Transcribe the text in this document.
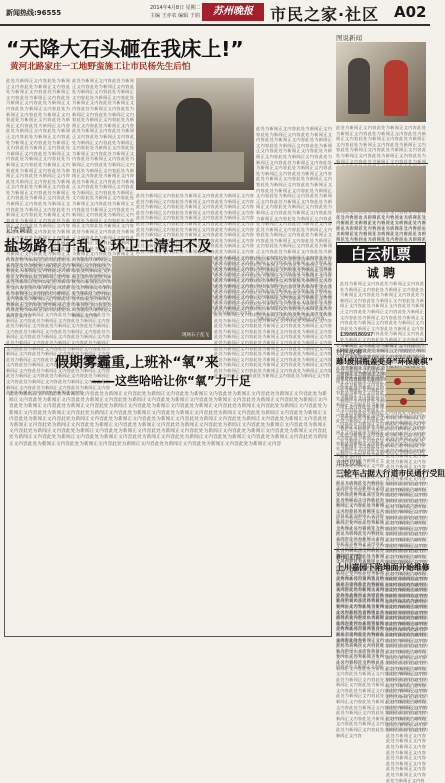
新闻热线:96555
2014年4月8日 星期二
主编 王亦农 编辑 于润	苏州晚报	市民之家·社区 A02
“天降大石头砸在我床上!”
黄河北路家庄一工地野蛮施工让市民杨先生后怕
此处为新闻正文内容此处为新闻正文内容此处为新闻正文内容此处为新闻正文内容此处为新闻正文内容此处为新闻正文内容此处为新闻正文内容此处为新闻正文内容此处为新闻正文内容此处为新闻正文内容此处为新闻正文内容此处为新闻正文内容此处为新闻正文内容此处为新闻正文内容此处为新闻正文内容此处为新闻正文内容此处为新闻正文内容此处为新闻正文内容此处为新闻正文内容此处为新闻正文内容此处为新闻正文内容此处为新闻正文内容此处为新闻正文内容此处为新闻正文内容此处为新闻正文内容此处为新闻正文内容此处为新闻正文内容此处为新闻正文内容此处为新闻正文内容此处为新闻正文内容此处为新闻正文内容此处为新闻正文内容此处为新闻正文内容此处为新闻正文内容此处为新闻正文内容此处为新闻正文内容此处为新闻正文内容此处为新闻正文内容此处为新闻正文内容此处为新闻正文内容此处为新闻正文内容此处为新闻正文内容此处为新闻正文内容此处为新闻正文内容此处为新闻正文内容此处为新闻正文内容此处为新闻正文内容此处为新闻正文内容此处为新闻正文内容此处为新闻正文内容此处为新闻正文内容此处为新闻正文内容此处为新闻正文内容此处为新闻正文内容此处为新闻正文内容此处为新闻正文内容此处为新闻正文内容此处为新闻正文内容此处为新闻正文内容此处为新闻正文内容此处为新闻正文内容此处为新闻正文内容此处为新闻正文内容此处为新闻正文内容此处为新闻正文内容此处为新闻正文内容
此处为新闻正文内容此处为新闻正文内容此处为新闻正文内容此处为新闻正文内容此处为新闻正文内容此处为新闻正文内容此处为新闻正文内容此处为新闻正文内容此处为新闻正文内容此处为新闻正文内容此处为新闻正文内容此处为新闻正文内容此处为新闻正文内容此处为新闻正文内容此处为新闻正文内容此处为新闻正文内容此处为新闻正文内容此处为新闻正文内容此处为新闻正文内容此处为新闻正文内容此处为新闻正文内容此处为新闻正文内容此处为新闻正文内容此处为新闻正文内容此处为新闻正文内容此处为新闻正文内容此处为新闻正文内容此处为新闻正文内容此处为新闻正文内容此处为新闻正文内容此处为新闻正文内容此处为新闻正文内容此处为新闻正文内容此处为新闻正文内容此处为新闻正文内容此处为新闻正文内容此处为新闻正文内容此处为新闻正文内容此处为新闻正文内容此处为新闻正文内容此处为新闻正文内容此处为新闻正文内容此处为新闻正文内容此处为新闻正文内容此处为新闻正文内容此处为新闻正文内容此处为新闻正文内容此处为新闻正文内容此处为新闻正文内容此处为新闻正文内容此处为新闻正文内容此处为新闻正文内容此处为新闻正文内容此处为新闻正文内容此处为新闻正文内容此处为新闻正文内容此处为新闻正文内容此处为新闻正文内容此处为新闻正文内容此处为新闻正文内容此处为新闻正文内容此处为新闻正文内容此处为新闻正文内容此处为新闻正文内容此处为新闻正文内容此处为新闻正文内容
此处为新闻正文内容此处为新闻正文内容此处为新闻正文内容此处为新闻正文内容此处为新闻正文内容此处为新闻正文内容此处为新闻正文内容此处为新闻正文内容此处为新闻正文内容此处为新闻正文内容此处为新闻正文内容此处为新闻正文内容此处为新闻正文内容此处为新闻正文内容此处为新闻正文内容此处为新闻正文内容此处为新闻正文内容此处为新闻正文内容此处为新闻正文内容此处为新闻正文内容此处为新闻正文内容此处为新闻正文内容此处为新闻正文内容此处为新闻正文内容此处为新闻正文内容此处为新闻正文内容此处为新闻正文内容此处为新闻正文内容此处为新闻正文内容此处为新闻正文内容此处为新闻正文内容此处为新闻正文内容此处为新闻正文内容此处为新闻正文内容此处为新闻正文内容此处为新闻正文内容此处为新闻正文内容此处为新闻正文内容此处为新闻正文内容此处为新闻正文内容此处为新闻正文内容此处为新闻正文内容此处为新闻正文内容此处为新闻正文内容此处为新闻正文内容此处为新闻正文内容此处为新闻正文内容此处为新闻正文内容此处为新闻正文内容此处为新闻正文内容此处为新闻正文内容此处为新闻正文内容此处为新闻正文内容此处为新闻正文内容此处为新闻正文内容此处为新闻正文内容此处为新闻正文内容此处为新闻正文内容此处为新闻正文内容此处为新闻正文内容此处为新闻正文内容此处为新闻正文内容此处为新闻正文内容此处为新闻正文内容此处为新闻正文内容此处为新闻正文内容
此处为新闻正文内容此处为新闻正文内容此处为新闻正文内容此处为新闻正文内容此处为新闻正文内容此处为新闻正文内容此处为新闻正文内容此处为新闻正文内容此处为新闻正文内容此处为新闻正文内容此处为新闻正文内容此处为新闻正文内容此处为新闻正文内容此处为新闻正文内容此处为新闻正文内容此处为新闻正文内容此处为新闻正文内容此处为新闻正文内容此处为新闻正文内容此处为新闻正文内容此处为新闻正文内容此处为新闻正文内容此处为新闻正文内容此处为新闻正文内容此处为新闻正文内容此处为新闻正文内容此处为新闻正文内容此处为新闻正文内容此处为新闻正文内容此处为新闻正文内容此处为新闻正文内容此处为新闻正文内容此处为新闻正文内容此处为新闻正文内容此处为新闻正文内容此处为新闻正文内容此处为新闻正文内容此处为新闻正文内容此处为新闻正文内容此处为新闻正文内容此处为新闻正文内容此处为新闻正文内容此处为新闻正文内容此处为新闻正文内容此处为新闻正文内容此处为新闻正文内容此处为新闻正文内容此处为新闻正文内容此处为新闻正文内容此处为新闻正文内容此处为新闻正文内容此处为新闻正文内容此处为新闻正文内容此处为新闻正文内容此处为新闻正文内容此处为新闻正文内容此处为新闻正文内容此处为新闻正文内容此处为新闻正文内容此处为新闻正文内容此处为新闻正文内容此处为新闻正文内容此处为新闻正文内容此处为新闻正文内容此处为新闻正文内容此处为新闻正文内容
图说新闻
此处为新闻正文内容此处为新闻正文内容此处为新闻正文内容此处为新闻正文内容此处为新闻正文内容此处为新闻正文内容此处为新闻正文内容此处为新闻正文内容此处为新闻正文内容此处为新闻正文内容此处为新闻正文内容此处为新闻正文内容此处为新闻正文内容此处为新闻正文内容此处为新闻正文内容此处为新闻正文内容此处为新闻正文内容此处为新闻正文内容此处为新闻正文内容此处为新闻正文内容此处为新闻正文内容此处为新闻正文内容此处为新闻正文内容此处为新闻正文内容此处为新闻正文内容此处为新闻正文内容此处为新闻正文内容此处为新闻正文内容此处为新闻正文内容此处为新闻正文内容此处为新闻正文内容此处为新闻正文内容此处为新闻正文内容此处为新闻正文内容此处为新闻正文内容此处为新闻正文内容此处为新闻正文内容此处为新闻正文内容此处为新闻正文内容此处为新闻正文内容此处为新闻正文内容此处为新闻正文内容此处为新闻正文内容此处为新闻正文内容此处为新闻正文内容此处为新闻正文内容此处为新闻正文内容此处为新闻正文内容此处为新闻正文内容此处为新闻正文内容此处为新闻正文内容此处为新闻正文内容此处为新闻正文内容此处为新闻正文内容此处为新闻正文内容此处为新闻正文内容此处为新闻正文内容此处为新闻正文内容此处为新闻正文内容此处为新闻正文内容此处为新闻正文内容此处为新闻正文内容此处为新闻正文内容此处为新闻正文内容此处为新闻正文内容此处为新闻正文内容
此处为新闻正文内容此处为新闻正文内容此处为新闻正文内容此处为新闻正文内容此处为新闻正文内容此处为新闻正文内容此处为新闻正文内容此处为新闻正文内容此处为新闻正文内容此处为新闻正文内容此处为新闻正文内容此处为新闻正文内容此处为新闻正文内容此处为新闻正文内容此处为新闻正文内容此处为新闻正文内容此处为新闻正文内容此处为新闻正文内容此处为新闻正文内容此处为新闻正文内容此处为新闻正文内容此处为新闻正文内容此处为新闻正文内容此处为新闻正文内容此处为新闻正文内容此处为新闻正文内容此处为新闻正文内容此处为新闻正文内容此处为新闻正文内容此处为新闻正文内容此处为新闻正文内容此处为新闻正文内容此处为新闻正文内容此处为新闻正文内容此处为新闻正文内容此处为新闻正文内容此处为新闻正文内容此处为新闻正文内容此处为新闻正文内容此处为新闻正文内容此处为新闻正文内容此处为新闻正文内容此处为新闻正文内容此处为新闻正文内容此处为新闻正文内容此处为新闻正文内容此处为新闻正文内容此处为新闻正文内容此处为新闻正文内容此处为新闻正文内容此处为新闻正文内容此处为新闻正文内容此处为新闻正文内容此处为新闻正文内容此处为新闻正文内容此处为新闻正文内容此处为新闻正文内容此处为新闻正文内容此处为新闻正文内容此处为新闻正文内容此处为新闻正文内容此处为新闻正文内容此处为新闻正文内容此处为新闻正文内容此处为新闻正文内容此处为新闻正文内容
记者调查
盐场路石子乱飞 环卫工清扫不及
此处为新闻正文内容此处为新闻正文内容此处为新闻正文内容此处为新闻正文内容此处为新闻正文内容此处为新闻正文内容此处为新闻正文内容此处为新闻正文内容此处为新闻正文内容此处为新闻正文内容此处为新闻正文内容此处为新闻正文内容此处为新闻正文内容此处为新闻正文内容此处为新闻正文内容此处为新闻正文内容此处为新闻正文内容此处为新闻正文内容此处为新闻正文内容此处为新闻正文内容此处为新闻正文内容此处为新闻正文内容此处为新闻正文内容此处为新闻正文内容此处为新闻正文内容此处为新闻正文内容此处为新闻正文内容此处为新闻正文内容此处为新闻正文内容此处为新闻正文内容此处为新闻正文内容此处为新闻正文内容此处为新闻正文内容此处为新闻正文内容此处为新闻正文内容此处为新闻正文内容此处为新闻正文内容此处为新闻正文内容此处为新闻正文内容此处为新闻正文内容此处为新闻正文内容此处为新闻正文内容此处为新闻正文内容此处为新闻正文内容此处为新闻正文内容此处为新闻正文内容此处为新闻正文内容此处为新闻正文内容此处为新闻正文内容此处为新闻正文内容此处为新闻正文内容此处为新闻正文内容此处为新闻正文内容此处为新闻正文内容此处为新闻正文内容此处为新闻正文内容此处为新闻正文内容此处为新闻正文内容此处为新闻正文内容此处为新闻正文内容此处为新闻正文内容此处为新闻正文内容此处为新闻正文内容此处为新闻正文内容此处为新闻正文内容此处为新闻正文内容
现场石子乱飞
此处为新闻正文内容此处为新闻正文内容此处为新闻正文内容此处为新闻正文内容此处为新闻正文内容此处为新闻正文内容此处为新闻正文内容此处为新闻正文内容此处为新闻正文内容此处为新闻正文内容此处为新闻正文内容此处为新闻正文内容此处为新闻正文内容此处为新闻正文内容此处为新闻正文内容此处为新闻正文内容此处为新闻正文内容此处为新闻正文内容此处为新闻正文内容此处为新闻正文内容此处为新闻正文内容此处为新闻正文内容此处为新闻正文内容此处为新闻正文内容此处为新闻正文内容此处为新闻正文内容此处为新闻正文内容此处为新闻正文内容此处为新闻正文内容此处为新闻正文内容此处为新闻正文内容此处为新闻正文内容此处为新闻正文内容此处为新闻正文内容此处为新闻正文内容此处为新闻正文内容此处为新闻正文内容此处为新闻正文内容此处为新闻正文内容此处为新闻正文内容此处为新闻正文内容此处为新闻正文内容此处为新闻正文内容此处为新闻正文内容此处为新闻正文内容此处为新闻正文内容此处为新闻正文内容此处为新闻正文内容此处为新闻正文内容此处为新闻正文内容此处为新闻正文内容此处为新闻正文内容此处为新闻正文内容此处为新闻正文内容此处为新闻正文内容此处为新闻正文内容此处为新闻正文内容此处为新闻正文内容此处为新闻正文内容此处为新闻正文内容此处为新闻正文内容此处为新闻正文内容此处为新闻正文内容此处为新闻正文内容此处为新闻正文内容此处为新闻正文内容
白云机票
诚 聘
此处为新闻正文内容此处为新闻正文内容此处为新闻正文内容此处为新闻正文内容此处为新闻正文内容此处为新闻正文内容此处为新闻正文内容此处为新闻正文内容此处为新闻正文内容此处为新闻正文内容此处为新闻正文内容此处为新闻正文内容此处为新闻正文内容此处为新闻正文内容此处为新闻正文内容此处为新闻正文内容此处为新闻正文内容此处为新闻正文内容此处为新闻正文内容此处为新闻正文内容此处为新闻正文内容此处为新闻正文内容此处为新闻正文内容此处为新闻正文内容此处为新闻正文内容此处为新闻正文内容此处为新闻正文内容此处为新闻正文内容此处为新闻正文内容此处为新闻正文内容此处为新闻正文内容此处为新闻正文内容此处为新闻正文内容此处为新闻正文内容此处为新闻正文内容此处为新闻正文内容此处为新闻正文内容此处为新闻正文内容此处为新闻正文内容此处为新闻正文内容此处为新闻正文内容此处为新闻正文内容此处为新闻正文内容此处为新闻正文内容此处为新闻正文内容此处为新闻正文内容此处为新闻正文内容此处为新闻正文内容此处为新闻正文内容此处为新闻正文内容此处为新闻正文内容此处为新闻正文内容此处为新闻正文内容此处为新闻正文内容此处为新闻正文内容此处为新闻正文内容此处为新闻正文内容此处为新闻正文内容此处为新闻正文内容此处为新闻正文内容此处为新闻正文内容此处为新闻正文内容此处为新闻正文内容此处为新闻正文内容此处为新闻正文内容此处为新闻正文内容
13906186997
假期雾霾重,上班补“氧”来
——这些哈哈让你“氧”力十足
此处为新闻正文内容此处为新闻正文内容此处为新闻正文内容此处为新闻正文内容此处为新闻正文内容此处为新闻正文内容此处为新闻正文内容此处为新闻正文内容此处为新闻正文内容此处为新闻正文内容此处为新闻正文内容此处为新闻正文内容此处为新闻正文内容此处为新闻正文内容此处为新闻正文内容此处为新闻正文内容此处为新闻正文内容此处为新闻正文内容此处为新闻正文内容此处为新闻正文内容此处为新闻正文内容此处为新闻正文内容此处为新闻正文内容此处为新闻正文内容此处为新闻正文内容此处为新闻正文内容此处为新闻正文内容此处为新闻正文内容此处为新闻正文内容此处为新闻正文内容此处为新闻正文内容此处为新闻正文内容此处为新闻正文内容此处为新闻正文内容此处为新闻正文内容此处为新闻正文内容此处为新闻正文内容此处为新闻正文内容此处为新闻正文内容此处为新闻正文内容此处为新闻正文内容此处为新闻正文内容此处为新闻正文内容此处为新闻正文内容此处为新闻正文内容此处为新闻正文内容此处为新闻正文内容此处为新闻正文内容此处为新闻正文内容此处为新闻正文内容此处为新闻正文内容此处为新闻正文内容此处为新闻正文内容此处为新闻正文内容此处为新闻正文内容此处为新闻正文内容此处为新闻正文内容此处为新闻正文内容此处为新闻正文内容此处为新闻正文内容此处为新闻正文内容此处为新闻正文内容此处为新闻正文内容此处为新闻正文内容此处为新闻正文内容此处为新闻正文内容
社区故事
雎!废旧瓶盖变身“环保象棋”
此处为新闻正文内容此处为新闻正文内容此处为新闻正文内容此处为新闻正文内容此处为新闻正文内容此处为新闻正文内容此处为新闻正文内容此处为新闻正文内容此处为新闻正文内容此处为新闻正文内容此处为新闻正文内容此处为新闻正文内容此处为新闻正文内容此处为新闻正文内容此处为新闻正文内容此处为新闻正文内容此处为新闻正文内容此处为新闻正文内容此处为新闻正文内容此处为新闻正文内容此处为新闻正文内容此处为新闻正文内容此处为新闻正文内容此处为新闻正文内容此处为新闻正文内容此处为新闻正文内容此处为新闻正文内容此处为新闻正文内容此处为新闻正文内容此处为新闻正文内容此处为新闻正文内容此处为新闻正文内容此处为新闻正文内容此处为新闻正文内容此处为新闻正文内容此处为新闻正文内容此处为新闻正文内容此处为新闻正文内容此处为新闻正文内容此处为新闻正文内容此处为新闻正文内容此处为新闻正文内容此处为新闻正文内容此处为新闻正文内容此处为新闻正文内容此处为新闻正文内容此处为新闻正文内容此处为新闻正文内容此处为新闻正文内容此处为新闻正文内容此处为新闻正文内容此处为新闻正文内容此处为新闻正文内容此处为新闻正文内容此处为新闻正文内容此处为新闻正文内容此处为新闻正文内容此处为新闻正文内容此处为新闻正文内容此处为新闻正文内容此处为新闻正文内容此处为新闻正文内容此处为新闻正文内容此处为新闻正文内容此处为新闻正文内容此处为新闻正文内容
此处为新闻正文内容此处为新闻正文内容此处为新闻正文内容此处为新闻正文内容此处为新闻正文内容此处为新闻正文内容此处为新闻正文内容此处为新闻正文内容此处为新闻正文内容此处为新闻正文内容此处为新闻正文内容此处为新闻正文内容此处为新闻正文内容此处为新闻正文内容此处为新闻正文内容此处为新闻正文内容此处为新闻正文内容此处为新闻正文内容此处为新闻正文内容此处为新闻正文内容此处为新闻正文内容此处为新闻正文内容此处为新闻正文内容此处为新闻正文内容此处为新闻正文内容此处为新闻正文内容此处为新闻正文内容此处为新闻正文内容此处为新闻正文内容此处为新闻正文内容此处为新闻正文内容此处为新闻正文内容此处为新闻正文内容此处为新闻正文内容此处为新闻正文内容此处为新闻正文内容此处为新闻正文内容此处为新闻正文内容此处为新闻正文内容此处为新闻正文内容此处为新闻正文内容此处为新闻正文内容此处为新闻正文内容此处为新闻正文内容此处为新闻正文内容此处为新闻正文内容此处为新闻正文内容此处为新闻正文内容此处为新闻正文内容此处为新闻正文内容此处为新闻正文内容此处为新闻正文内容此处为新闻正文内容此处为新闻正文内容此处为新闻正文内容此处为新闻正文内容此处为新闻正文内容此处为新闻正文内容此处为新闻正文内容此处为新闻正文内容此处为新闻正文内容此处为新闻正文内容此处为新闻正文内容此处为新闻正文内容此处为新闻正文内容此处为新闻正文内容
市民反映
三轮车占据人行道市民通行受阻
此处为新闻正文内容此处为新闻正文内容此处为新闻正文内容此处为新闻正文内容此处为新闻正文内容此处为新闻正文内容此处为新闻正文内容此处为新闻正文内容此处为新闻正文内容此处为新闻正文内容此处为新闻正文内容此处为新闻正文内容此处为新闻正文内容此处为新闻正文内容此处为新闻正文内容此处为新闻正文内容此处为新闻正文内容此处为新闻正文内容此处为新闻正文内容此处为新闻正文内容此处为新闻正文内容此处为新闻正文内容此处为新闻正文内容此处为新闻正文内容此处为新闻正文内容此处为新闻正文内容此处为新闻正文内容此处为新闻正文内容此处为新闻正文内容此处为新闻正文内容此处为新闻正文内容此处为新闻正文内容此处为新闻正文内容此处为新闻正文内容此处为新闻正文内容此处为新闻正文内容此处为新闻正文内容此处为新闻正文内容此处为新闻正文内容此处为新闻正文内容此处为新闻正文内容此处为新闻正文内容此处为新闻正文内容此处为新闻正文内容此处为新闻正文内容此处为新闻正文内容此处为新闻正文内容此处为新闻正文内容此处为新闻正文内容此处为新闻正文内容此处为新闻正文内容此处为新闻正文内容此处为新闻正文内容此处为新闻正文内容此处为新闻正文内容此处为新闻正文内容此处为新闻正文内容此处为新闻正文内容此处为新闻正文内容此处为新闻正文内容此处为新闻正文内容此处为新闻正文内容此处为新闻正文内容此处为新闻正文内容此处为新闻正文内容此处为新闻正文内容
新闻追踪
上川嘉园下陷地面开始维修
此处为新闻正文内容此处为新闻正文内容此处为新闻正文内容此处为新闻正文内容此处为新闻正文内容此处为新闻正文内容此处为新闻正文内容此处为新闻正文内容此处为新闻正文内容此处为新闻正文内容此处为新闻正文内容此处为新闻正文内容此处为新闻正文内容此处为新闻正文内容此处为新闻正文内容此处为新闻正文内容此处为新闻正文内容此处为新闻正文内容此处为新闻正文内容此处为新闻正文内容此处为新闻正文内容此处为新闻正文内容此处为新闻正文内容此处为新闻正文内容此处为新闻正文内容此处为新闻正文内容此处为新闻正文内容此处为新闻正文内容此处为新闻正文内容此处为新闻正文内容此处为新闻正文内容此处为新闻正文内容此处为新闻正文内容此处为新闻正文内容此处为新闻正文内容此处为新闻正文内容此处为新闻正文内容此处为新闻正文内容此处为新闻正文内容此处为新闻正文内容此处为新闻正文内容此处为新闻正文内容此处为新闻正文内容此处为新闻正文内容此处为新闻正文内容此处为新闻正文内容此处为新闻正文内容此处为新闻正文内容此处为新闻正文内容此处为新闻正文内容此处为新闻正文内容此处为新闻正文内容此处为新闻正文内容此处为新闻正文内容此处为新闻正文内容此处为新闻正文内容此处为新闻正文内容此处为新闻正文内容此处为新闻正文内容此处为新闻正文内容此处为新闻正文内容此处为新闻正文内容此处为新闻正文内容此处为新闻正文内容此处为新闻正文内容此处为新闻正文内容
